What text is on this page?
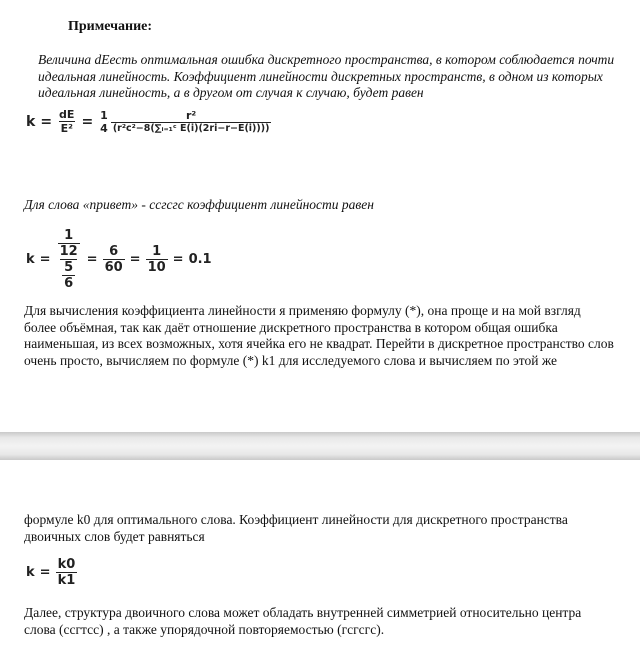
Примечание:
Величина dEесть оптимальная ошибка дискретного пространства, в котором соблюдается почти идеальная линейность. Коэффициент линейности дискретных пространств, в одном из которых идеальная линейность, а в другом от случая к случаю, будет равен
$k = \frac{dE}{\text{E²}} = 1$
$4 \frac{\text{r²}}{\text{(r²c²−8(∑ᵢ₌₁ᶜ E(i)(2ri−r−E(i))))}}$
Для слова «привет» - ссгсгс коэффициент линейности равен
$k = \frac{\frac{1}{12}}{\frac{5}{6}} = \frac{6}{60} = \frac{1}{10} = 0.1$
Для вычисления коэффициента линейности я применяю формулу (*), она проще и на мой взгляд более объёмная, так как даёт отношение дискретного пространства в котором общая ошибка наименьшая, из всех возможных, хотя ячейка его не квадрат. Перейти в дискретное пространство слов очень просто, вычисляем по формуле (*) k1 для исследуемого слова и вычисляем по этой же
формуле k0 для оптимального слова. Коэффициент линейности для дискретного пространства двоичных слов будет равняться
$k = \frac{k0}{k1}$
Далее, структура двоичного слова может обладать внутренней симметрией относительно центра слова (ссгтсс) , а также упорядочной повторяемостью (гсгсгс).
